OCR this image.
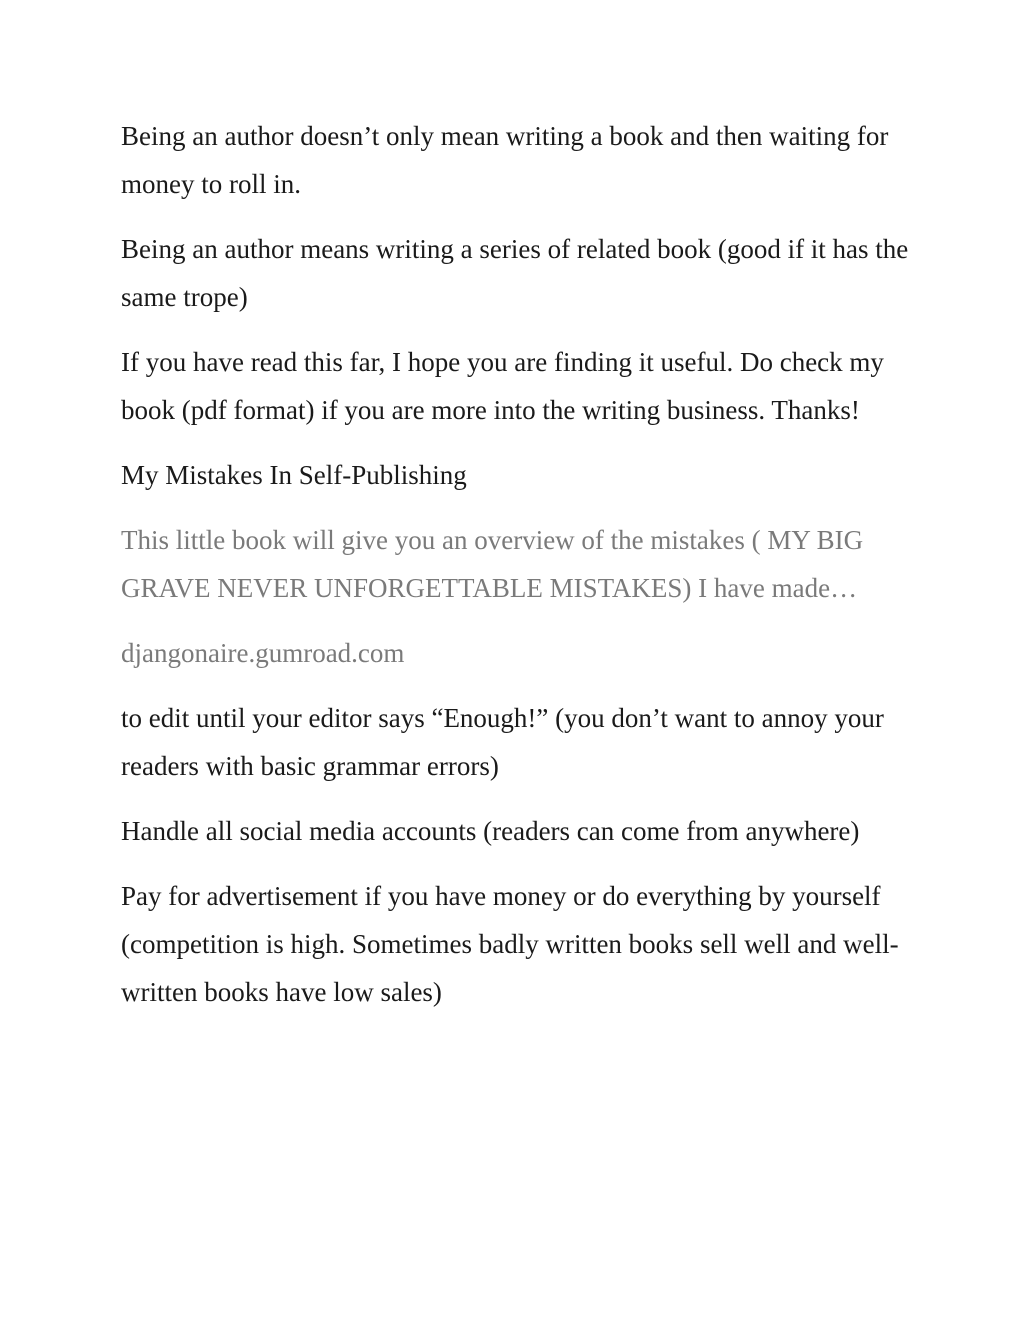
Being an author doesn’t only mean writing a book and then waiting for money to roll in.

Being an author means writing a series of related book (good if it has the same trope)

If you have read this far, I hope you are finding it useful. Do check my book (pdf format) if you are more into the writing business. Thanks!

My Mistakes In Self-Publishing

This little book will give you an overview of the mistakes ( MY BIG GRAVE NEVER UNFORGETTABLE MISTAKES) I have made…

djangonaire.gumroad.com

to edit until your editor says “Enough!” (you don’t want to annoy your readers with basic grammar errors)

Handle all social media accounts (readers can come from anywhere)

Pay for advertisement if you have money or do everything by yourself (competition is high. Sometimes badly written books sell well and well-written books have low sales)
